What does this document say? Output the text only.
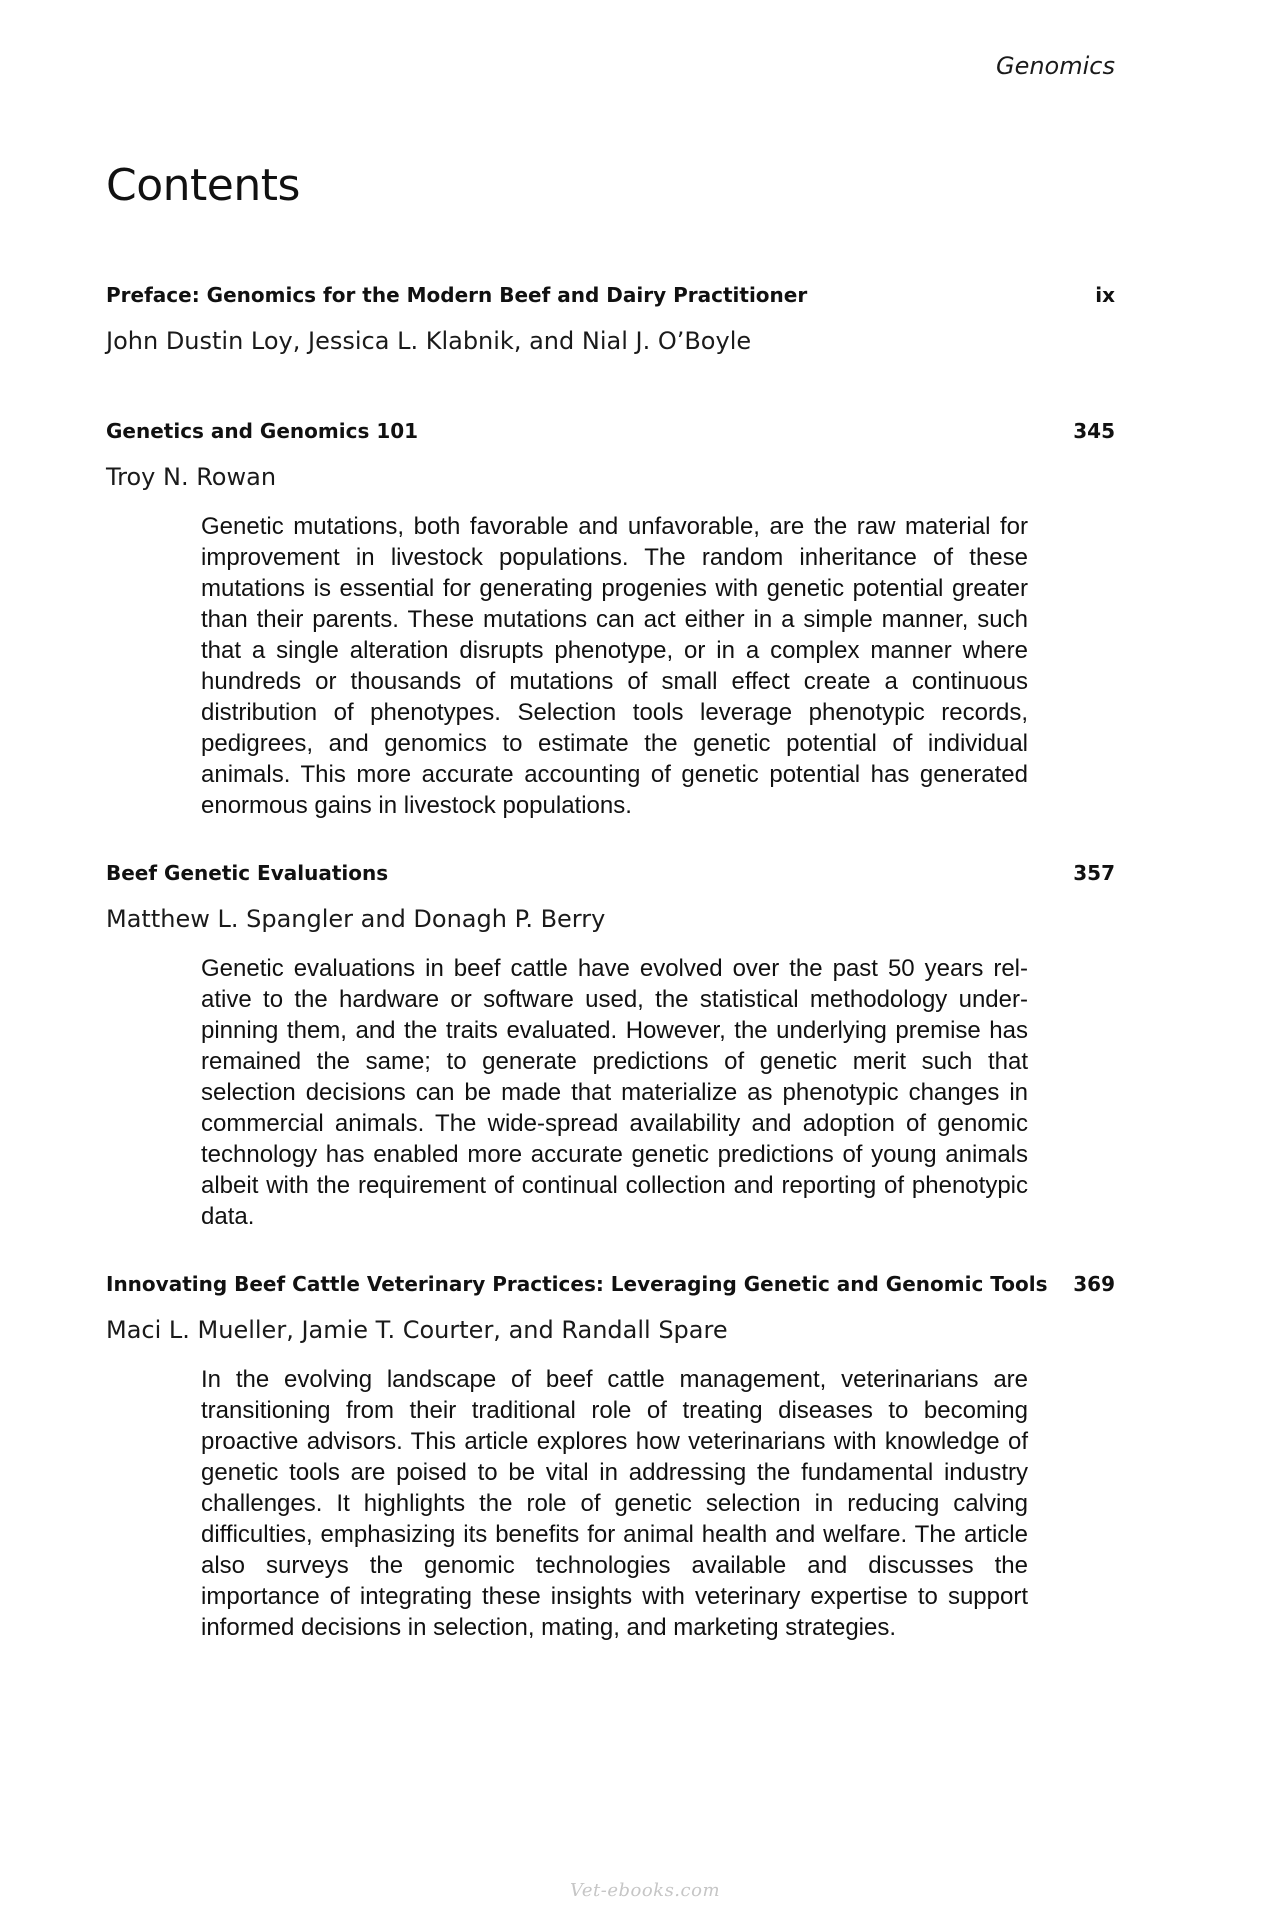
Genomics
Contents
Preface: Genomics for the Modern Beef and Dairy Practitioner	ix
John Dustin Loy, Jessica L. Klabnik, and Nial J. O’Boyle
Genetics and Genomics 101	345
Troy N. Rowan

Genetic mutations, both favorable and unfavorable, are the raw material for improvement in livestock populations. The random inheritance of these mutations is essential for generating progenies with genetic potential greater than their parents. These mutations can act either in a simple manner, such that a single alteration disrupts phenotype, or in a complex manner where hundreds or thousands of mutations of small effect create a continuous distribution of phenotypes. Selection tools leverage phenotypic records, pedigrees, and genomics to estimate the genetic potential of individual animals. This more accurate accounting of genetic potential has generated enormous gains in livestock populations.

Beef Genetic Evaluations	357
Matthew L. Spangler and Donagh P. Berry

Genetic evaluations in beef cattle have evolved over the past 50 years relative to the hardware or software used, the statistical methodology underpinning them, and the traits evaluated. However, the underlying premise has remained the same; to generate predictions of genetic merit such that selection decisions can be made that materialize as phenotypic changes in commercial animals. The wide-spread availability and adoption of genomic technology has enabled more accurate genetic predictions of young animals albeit with the requirement of continual collection and reporting of phenotypic data.

Innovating Beef Cattle Veterinary Practices: Leveraging Genetic and Genomic Tools 369
Maci L. Mueller, Jamie T. Courter, and Randall Spare

In the evolving landscape of beef cattle management, veterinarians are transitioning from their traditional role of treating diseases to becoming proactive advisors. This article explores how veterinarians with knowledge of genetic tools are poised to be vital in addressing the fundamental industry challenges. It highlights the role of genetic selection in reducing calving difficulties, emphasizing its benefits for animal health and welfare. The article also surveys the genomic technologies available and discusses the importance of integrating these insights with veterinary expertise to support informed decisions in selection, mating, and marketing strategies.

Vet-ebooks.com
